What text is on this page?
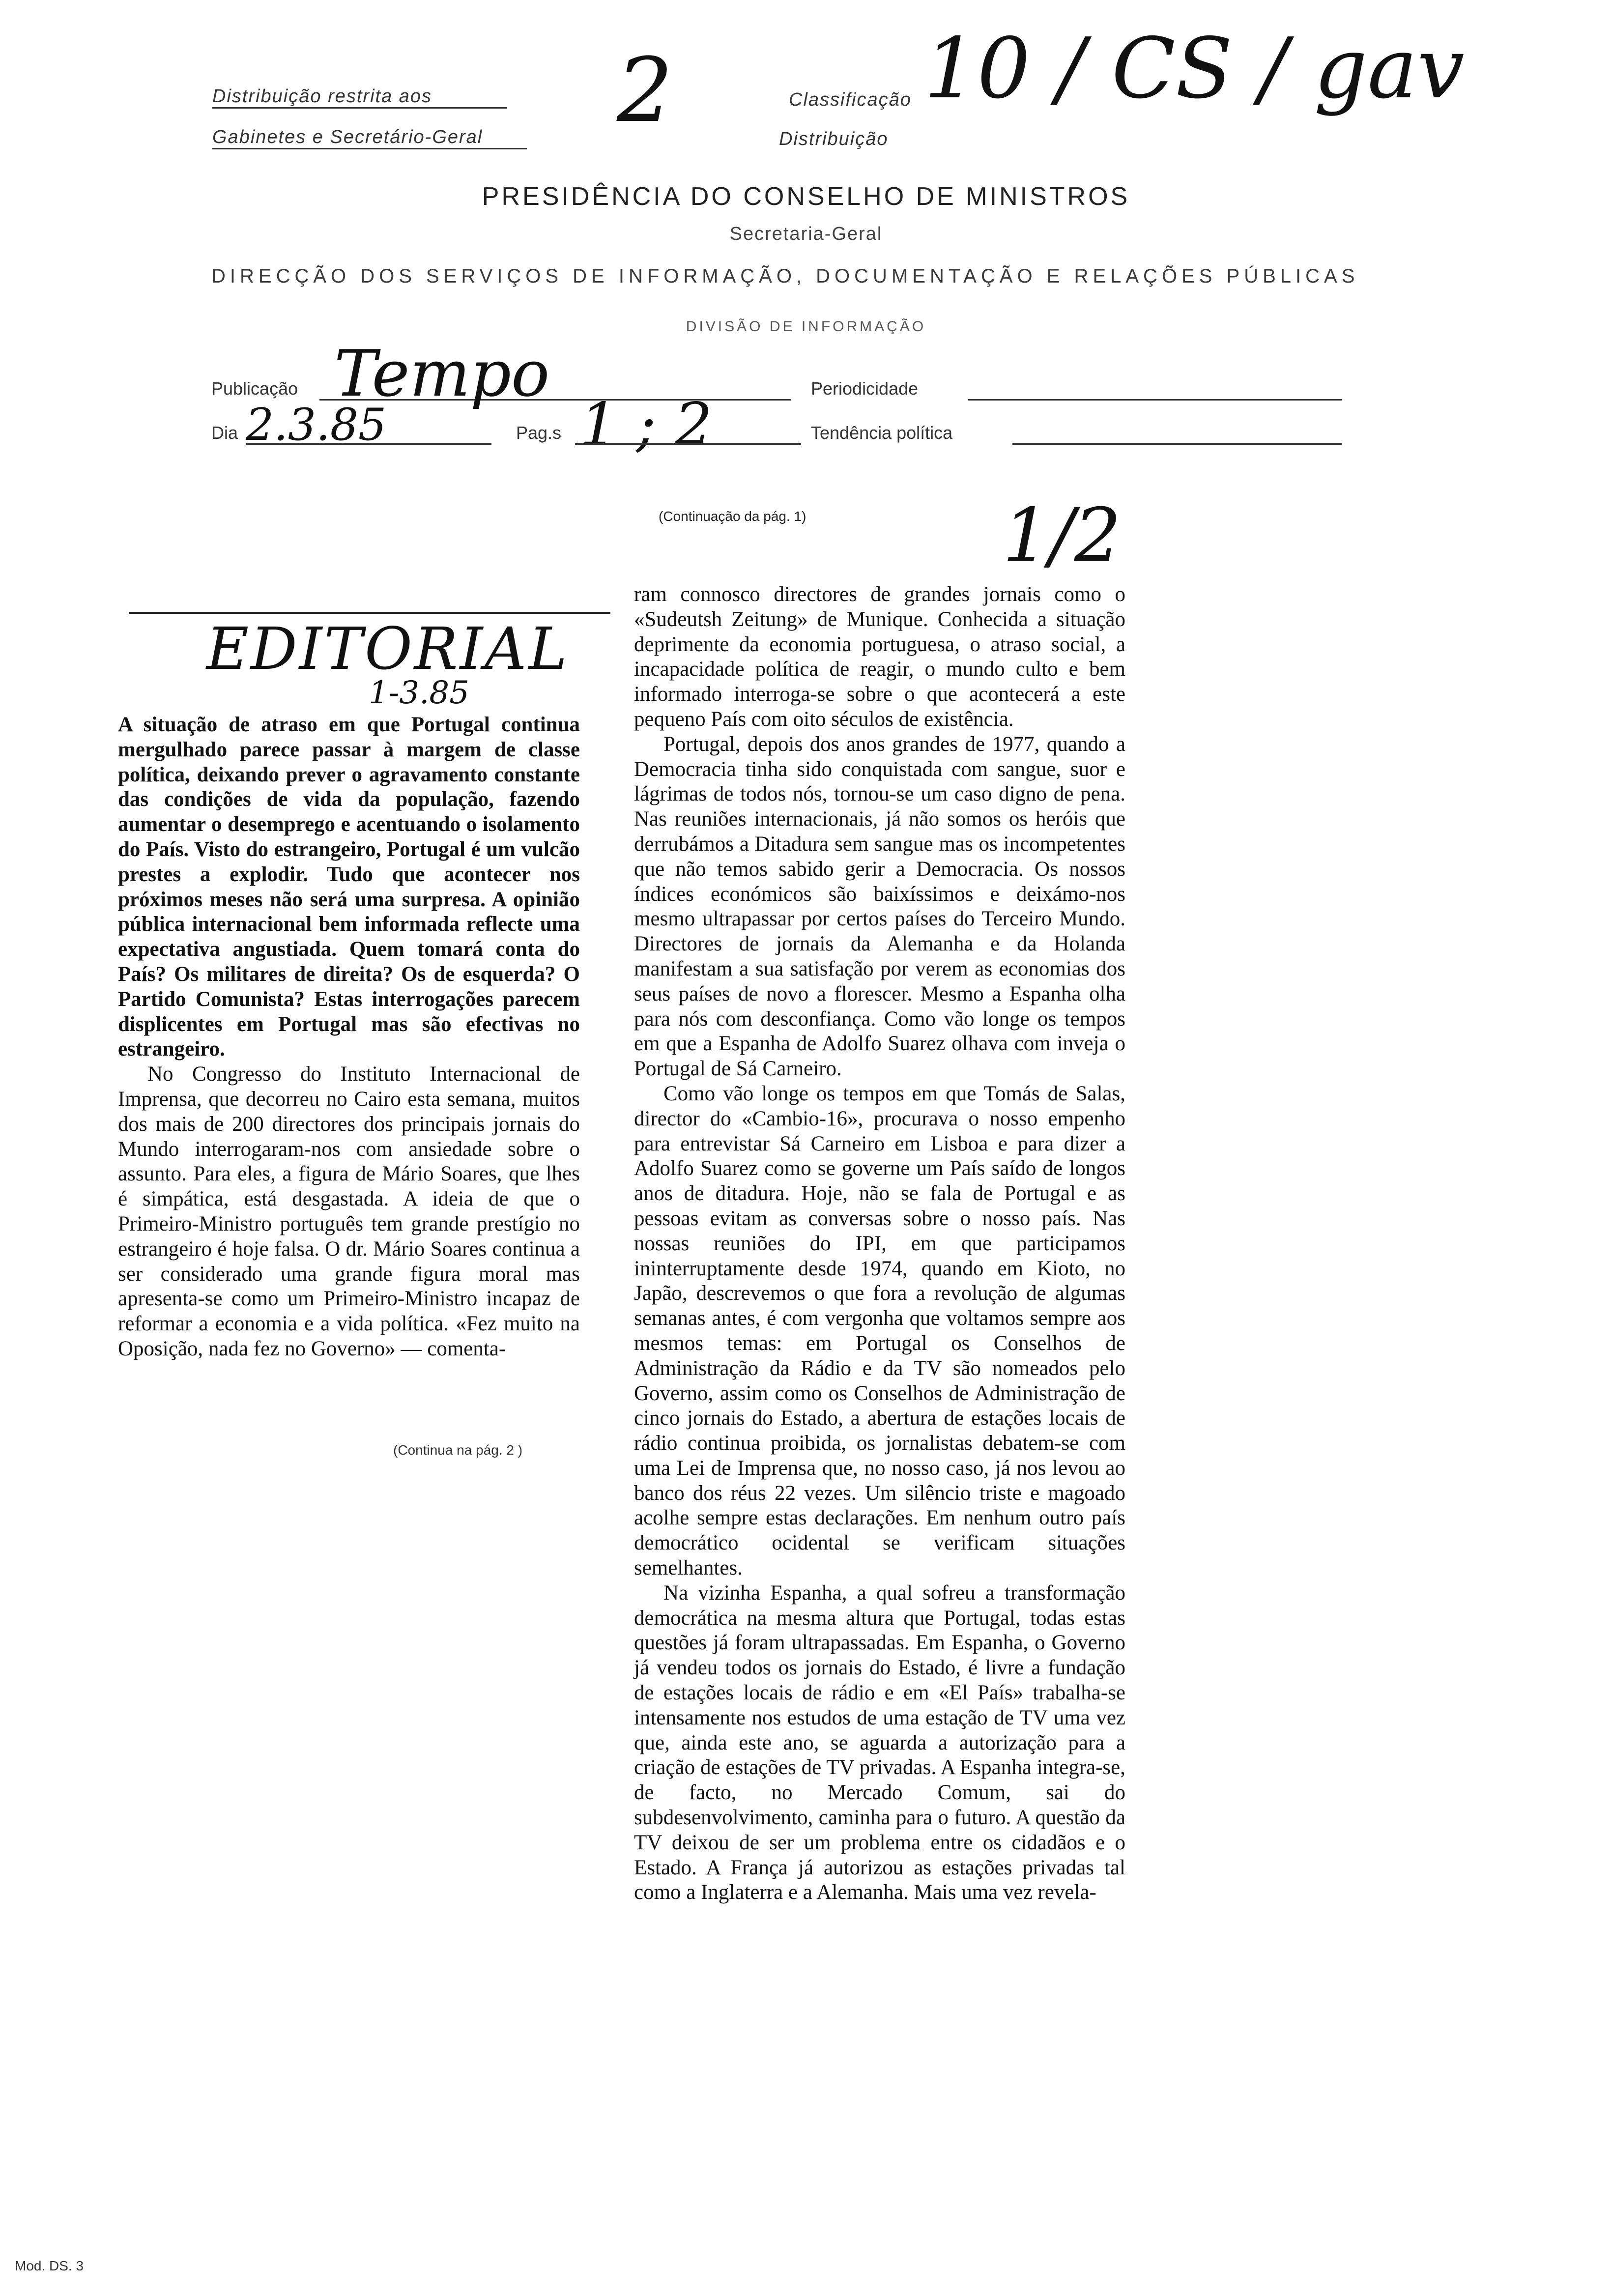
Distribuição restrita aos
Gabinetes e Secretário-Geral	2	Classificação
Distribuição
10 / CS / gav
PRESIDÊNCIA DO CONSELHO DE MINISTROS
Secretaria-Geral
DIRECÇÃO DOS SERVIÇOS DE INFORMAÇÃO, DOCUMENTAÇÃO E RELAÇÕES PÚBLICAS
DIVISÃO DE INFORMAÇÃO
Publicação Tempo	Periodicidade
Dia 2.3.85	Pag.s 1 ; 2	Tendência política
(Continuação da pág. 1)	1/2
EDITORIAL
1-3.85

A situação de atraso em que Portugal continua mergulhado parece passar à margem de classe política, deixando prever o agravamento constante das condições de vida da população, fazendo aumentar o desemprego e acentuando o isolamento do País. Visto do estrangeiro, Portugal é um vulcão prestes a explodir. Tudo que acontecer nos próximos meses não será uma surpresa. A opinião pública internacional bem informada reflecte uma expectativa angustiada. Quem tomará conta do País? Os militares de direita? Os de esquerda? O Partido Comunista? Estas interrogações parecem displicentes em Portugal mas são efectivas no estrangeiro.

No Congresso do Instituto Internacional de Imprensa, que decorreu no Cairo esta semana, muitos dos mais de 200 directores dos principais jornais do Mundo interrogaram-nos com ansiedade sobre o assunto. Para eles, a figura de Mário Soares, que lhes é simpática, está desgastada. A ideia de que o Primeiro-Ministro português tem grande prestígio no estrangeiro é hoje falsa. O dr. Mário Soares continua a ser considerado uma grande figura moral mas apresenta-se como um Primeiro-Ministro incapaz de reformar a economia e a vida política. «Fez muito na Oposição, nada fez no Governo» — comenta-

(Continua na pág. 2 )

ram connosco directores de grandes jornais como o «Sudeutsh Zeitung» de Munique. Conhecida a situação deprimente da economia portuguesa, o atraso social, a incapacidade política de reagir, o mundo culto e bem informado interroga-se sobre o que acontecerá a este pequeno País com oito séculos de existência.

Portugal, depois dos anos grandes de 1977, quando a Democracia tinha sido conquistada com sangue, suor e lágrimas de todos nós, tornou-se um caso digno de pena. Nas reuniões internacionais, já não somos os heróis que derrubámos a Ditadura sem sangue mas os incompetentes que não temos sabido gerir a Democracia. Os nossos índices económicos são baixíssimos e deixámo-nos mesmo ultrapassar por certos países do Terceiro Mundo. Directores de jornais da Alemanha e da Holanda manifestam a sua satisfação por verem as economias dos seus países de novo a florescer. Mesmo a Espanha olha para nós com desconfiança. Como vão longe os tempos em que a Espanha de Adolfo Suarez olhava com inveja o Portugal de Sá Carneiro.

Como vão longe os tempos em que Tomás de Salas, director do «Cambio-16», procurava o nosso empenho para entrevistar Sá Carneiro em Lisboa e para dizer a Adolfo Suarez como se governe um País saído de longos anos de ditadura. Hoje, não se fala de Portugal e as pessoas evitam as conversas sobre o nosso país. Nas nossas reuniões do IPI, em que participamos ininterruptamente desde 1974, quando em Kioto, no Japão, descrevemos o que fora a revolução de algumas semanas antes, é com vergonha que voltamos sempre aos mesmos temas: em Portugal os Conselhos de Administração da Rádio e da TV são nomeados pelo Governo, assim como os Conselhos de Administração de cinco jornais do Estado, a abertura de estações locais de rádio continua proibida, os jornalistas debatem-se com uma Lei de Imprensa que, no nosso caso, já nos levou ao banco dos réus 22 vezes. Um silêncio triste e magoado acolhe sempre estas declarações. Em nenhum outro país democrático ocidental se verificam situações semelhantes.

Na vizinha Espanha, a qual sofreu a transformação democrática na mesma altura que Portugal, todas estas questões já foram ultrapassadas. Em Espanha, o Governo já vendeu todos os jornais do Estado, é livre a fundação de estações locais de rádio e em «El País» trabalha-se intensamente nos estudos de uma estação de TV uma vez que, ainda este ano, se aguarda a autorização para a criação de estações de TV privadas. A Espanha integra-se, de facto, no Mercado Comum, sai do subdesenvolvimento, caminha para o futuro. A questão da TV deixou de ser um problema entre os cidadãos e o Estado. A França já autorizou as estações privadas tal como a Inglaterra e a Alemanha. Mais uma vez revela-

Mod. DS. 3
